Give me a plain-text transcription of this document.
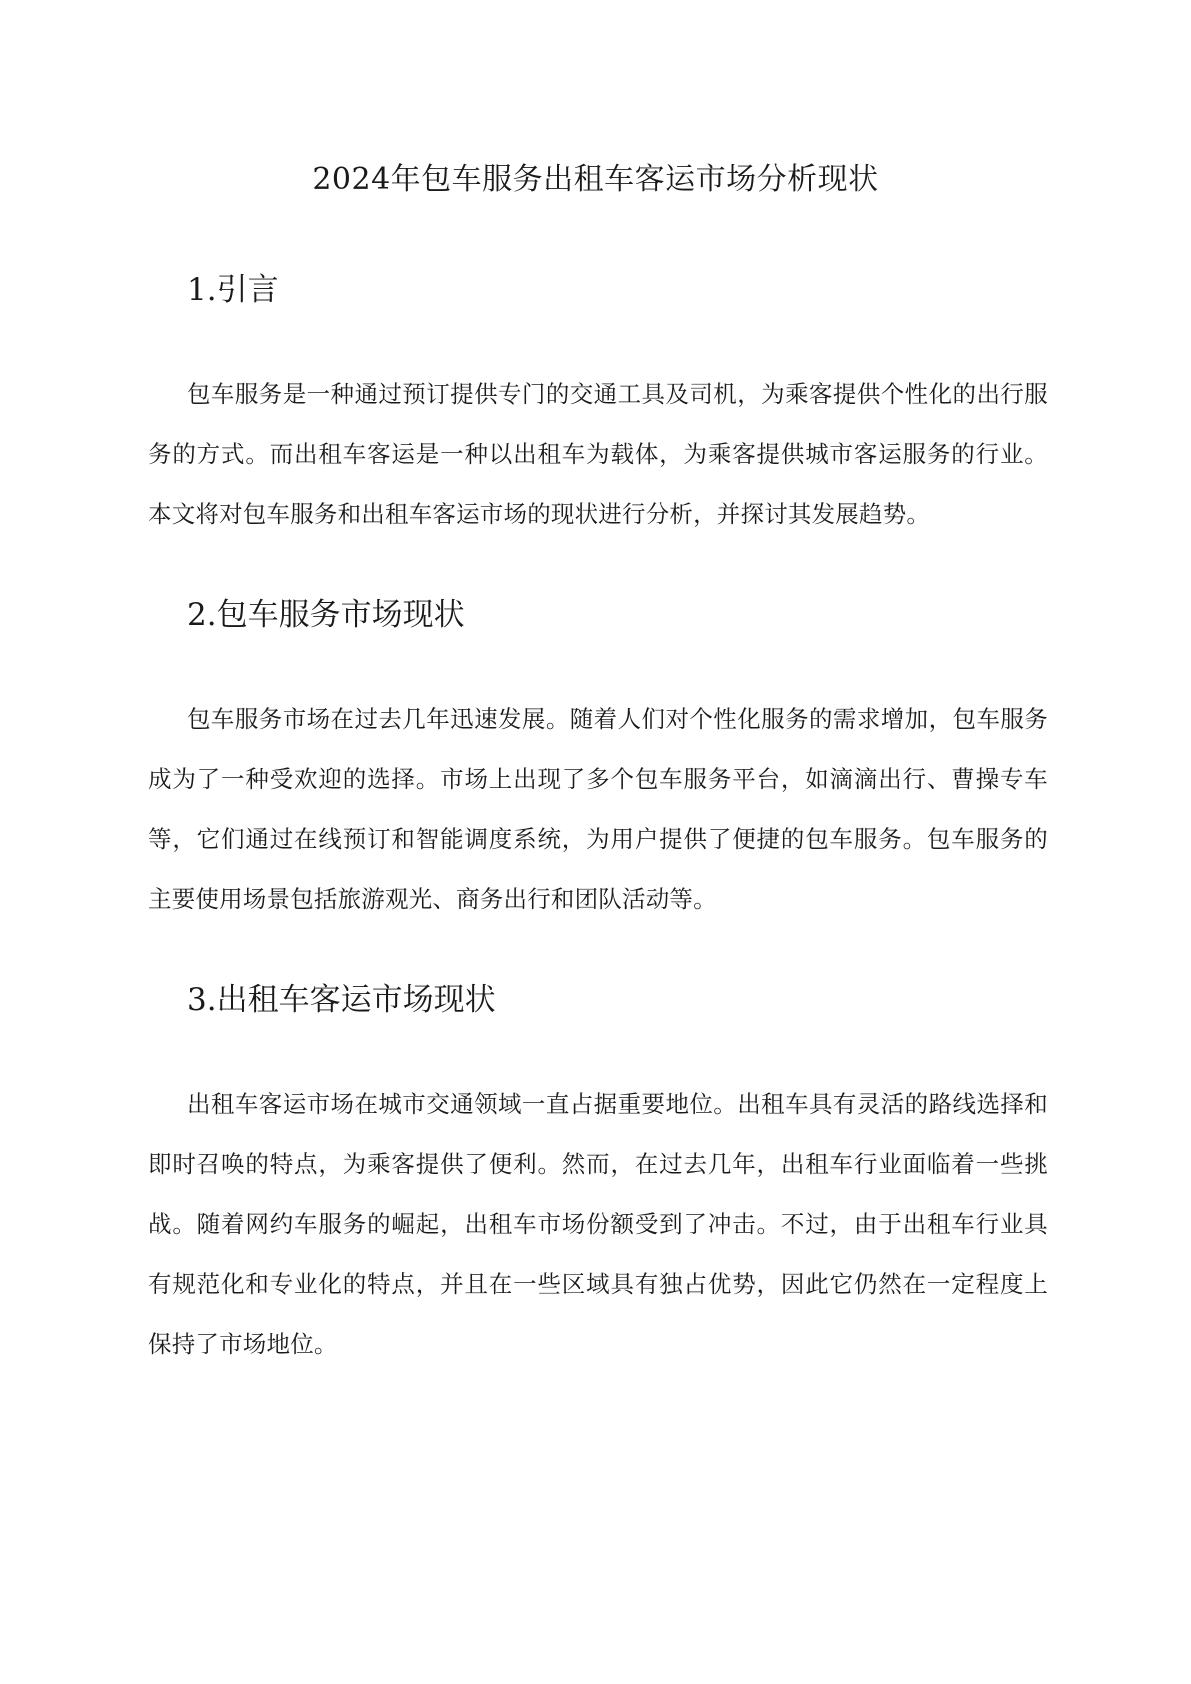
2024年包车服务出租车客运市场分析现状
1.引言

包车服务是一种通过预订提供专门的交通工具及司机，为乘客提供个性化的出行服务的方式。而出租车客运是一种以出租车为载体，为乘客提供城市客运服务的行业。本文将对包车服务和出租车客运市场的现状进行分析，并探讨其发展趋势。

2.包车服务市场现状

包车服务市场在过去几年迅速发展。随着人们对个性化服务的需求增加，包车服务成为了一种受欢迎的选择。市场上出现了多个包车服务平台，如滴滴出行、曹操专车等，它们通过在线预订和智能调度系统，为用户提供了便捷的包车服务。包车服务的主要使用场景包括旅游观光、商务出行和团队活动等。

3.出租车客运市场现状

出租车客运市场在城市交通领域一直占据重要地位。出租车具有灵活的路线选择和即时召唤的特点，为乘客提供了便利。然而，在过去几年，出租车行业面临着一些挑战。随着网约车服务的崛起，出租车市场份额受到了冲击。不过，由于出租车行业具有规范化和专业化的特点，并且在一些区域具有独占优势，因此它仍然在一定程度上保持了市场地位。
